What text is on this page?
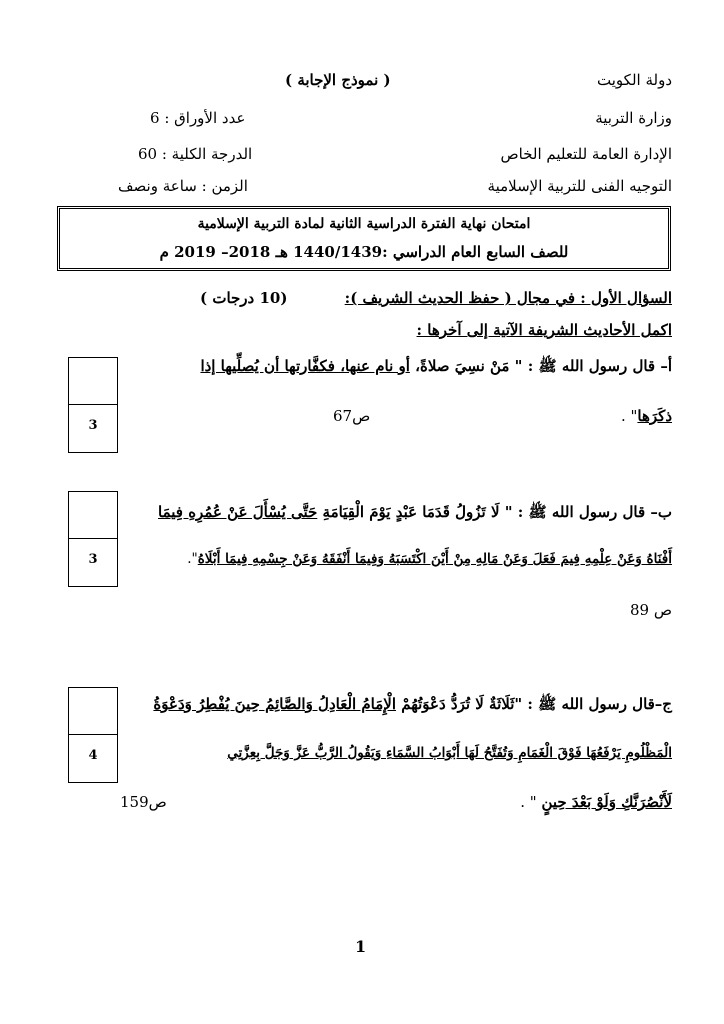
دولة الكويت
( نموذج الإجابة )
وزارة التربية
عدد الأوراق : 6
الإدارة العامة للتعليم الخاص
الدرجة الكلية : 60
التوجيه الفنى للتربية الإسلامية
الزمن : ساعة ونصف
امتحان نهاية الفترة الدراسية الثانية لمادة التربية الإسلامية
للصف السابع العام الدراسي :1440/1439 هـ 2018– 2019 م
السؤال الأول : في مجال ( حفظ الحديث الشريف ):
(10 درجات )
اكمل الأحاديث الشريفة الآتية إلى آخرها :
3
أ– قال رسول الله ﷺ : " مَنْ نسِيَ صلاةً، أو نام عنها، فكفَّارتها أن يُصلِّيها إذا
ذكَرَها" .
ص67
3
ب– قال رسول الله ﷺ : " لَا تَزُولُ قَدَمَا عَبْدٍ يَوْمَ الْقِيَامَةِ حَتَّى يُسْأَلَ عَنْ عُمُرِهِ فِيمَا
أَفْنَاهُ وَعَنْ عِلْمِهِ فِيمَ فَعَلَ وَعَنْ مَالِهِ مِنْ أَيْنَ اكْتَسَبَهُ وَفِيمَا أَنْفَقَهُ وَعَنْ جِسْمِهِ فِيمَا أَبْلَاهُ".
ص 89
4
ج–قال رسول الله ﷺ : "ثَلَاثَةٌ لَا تُرَدُّ دَعْوَتُهُمْ الْإِمَامُ الْعَادِلُ وَالصَّائِمُ حِينَ يُفْطِرُ وَدَعْوَةُ
الْمَظْلُومِ يَرْفَعُهَا فَوْقَ الْغَمَامِ وَتُفَتَّحُ لَهَا أَبْوَابُ السَّمَاءِ وَيَقُولُ الرَّبُّ عَزَّ وَجَلَّ بِعِزَّتِي
لَأَنْصُرَنَّكِ وَلَوْ بَعْدَ حِينٍ " .
ص159
1
